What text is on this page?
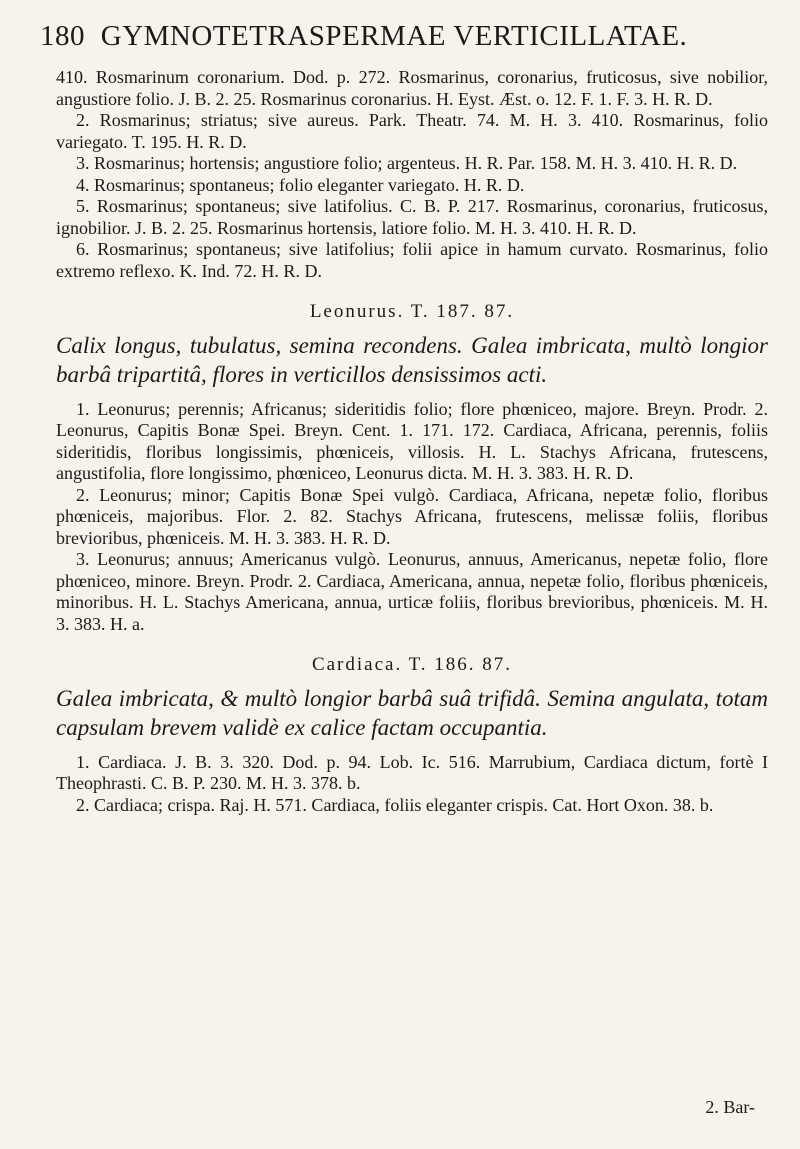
180 GYMNOTETRASPERMAE VERTICILLATAE.

410. Rosmarinum coronarium. Dod. p. 272. Rosmarinus, coronarius, fruticosus, sive nobilior, angustiore folio. J. B. 2. 25. Rosmarinus coronarius. H. Eyst. Æst. o. 12. F. 1. F. 3. H. R. D.

2. Rosmarinus; striatus; sive aureus. Park. Theatr. 74. M. H. 3. 410. Rosmarinus, folio variegato. T. 195. H. R. D.

3. Rosmarinus; hortensis; angustiore folio; argenteus. H. R. Par. 158. M. H. 3. 410. H. R. D.

4. Rosmarinus; spontaneus; folio eleganter variegato. H. R. D.

5. Rosmarinus; spontaneus; sive latifolius. C. B. P. 217. Rosmarinus, coronarius, fruticosus, ignobilior. J. B. 2. 25. Rosmarinus hortensis, latiore folio. M. H. 3. 410. H. R. D.

6. Rosmarinus; spontaneus; sive latifolius; folii apice in hamum curvato. Rosmarinus, folio extremo reflexo. K. Ind. 72. H. R. D.

Leonurus. T. 187. 87.

Calix longus, tubulatus, semina recondens. Galea imbricata, multò longior barbâ tripartitâ, flores in verticillos densissimos acti.

1. Leonurus; perennis; Africanus; sideritidis folio; flore phœniceo, majore. Breyn. Prodr. 2. Leonurus, Capitis Bonæ Spei. Breyn. Cent. 1. 171. 172. Cardiaca, Africana, perennis, foliis sideritidis, floribus longissimis, phœniceis, villosis. H. L. Stachys Africana, frutescens, angustifolia, flore longissimo, phœniceo, Leonurus dicta. M. H. 3. 383. H. R. D.

2. Leonurus; minor; Capitis Bonæ Spei vulgò. Cardiaca, Africana, nepetæ folio, floribus phœniceis, majoribus. Flor. 2. 82. Stachys Africana, frutescens, melissæ foliis, floribus brevioribus, phœniceis. M. H. 3. 383. H. R. D.

3. Leonurus; annuus; Americanus vulgò. Leonurus, annuus, Americanus, nepetæ folio, flore phœniceo, minore. Breyn. Prodr. 2. Cardiaca, Americana, annua, nepetæ folio, floribus phœniceis, minoribus. H. L. Stachys Americana, annua, urticæ foliis, floribus brevioribus, phœniceis. M. H. 3. 383. H. a.

Cardiaca. T. 186. 87.

Galea imbricata, & multò longior barbâ suâ trifidâ. Semina angulata, totam capsulam brevem validè ex calice factam occupantia.

1. Cardiaca. J. B. 3. 320. Dod. p. 94. Lob. Ic. 516. Marrubium, Cardiaca dictum, fortè I Theophrasti. C. B. P. 230. M. H. 3. 378. b.

2. Cardiaca; crispa. Raj. H. 571. Cardiaca, foliis eleganter crispis. Cat. Hort Oxon. 38. b.

2. Bar-
